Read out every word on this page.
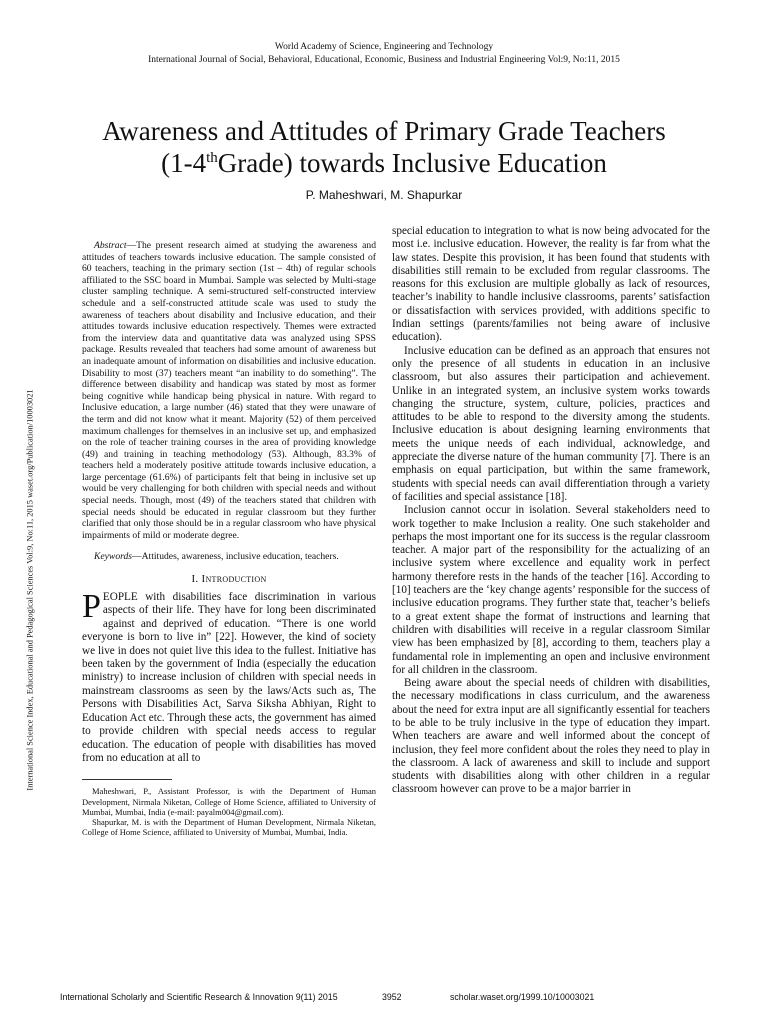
World Academy of Science, Engineering and Technology
International Journal of Social, Behavioral, Educational, Economic, Business and Industrial Engineering Vol:9, No:11, 2015
Awareness and Attitudes of Primary Grade Teachers
(1-4thGrade) towards Inclusive Education
P. Maheshwari, M. Shapurkar
International Science Index, Educational and Pedagogical Sciences Vol:9, No:11, 2015 waset.org/Publication/10003021

Abstract—The present research aimed at studying the awareness and attitudes of teachers towards inclusive education. The sample consisted of 60 teachers, teaching in the primary section (1st – 4th) of regular schools affiliated to the SSC board in Mumbai. Sample was selected by Multi-stage cluster sampling technique. A semi-structured self-constructed interview schedule and a self-constructed attitude scale was used to study the awareness of teachers about disability and Inclusive education, and their attitudes towards inclusive education respectively. Themes were extracted from the interview data and quantitative data was analyzed using SPSS package. Results revealed that teachers had some amount of awareness but an inadequate amount of information on disabilities and inclusive education. Disability to most (37) teachers meant “an inability to do something”. The difference between disability and handicap was stated by most as former being cognitive while handicap being physical in nature. With regard to Inclusive education, a large number (46) stated that they were unaware of the term and did not know what it meant. Majority (52) of them perceived maximum challenges for themselves in an inclusive set up, and emphasized on the role of teacher training courses in the area of providing knowledge (49) and training in teaching methodology (53). Although, 83.3% of teachers held a moderately positive attitude towards inclusive education, a large percentage (61.6%) of participants felt that being in inclusive set up would be very challenging for both children with special needs and without special needs. Though, most (49) of the teachers stated that children with special needs should be educated in regular classroom but they further clarified that only those should be in a regular classroom who have physical impairments of mild or moderate degree.

Keywords—Attitudes, awareness, inclusive education, teachers.

I. Introduction

PEOPLE with disabilities face discrimination in various aspects of their life. They have for long been discriminated against and deprived of education. “There is one world everyone is born to live in” [22]. However, the kind of society we live in does not quiet live this idea to the fullest. Initiative has been taken by the government of India (especially the education ministry) to increase inclusion of children with special needs in mainstream classrooms as seen by the laws/Acts such as, The Persons with Disabilities Act, Sarva Siksha Abhiyan, Right to Education Act etc. Through these acts, the government has aimed to provide children with special needs access to regular education. The education of people with disabilities has moved from no education at all to

Maheshwari, P., Assistant Professor, is with the Department of Human Development, Nirmala Niketan, College of Home Science, affiliated to University of Mumbai, Mumbai, India (e-mail: payalm004@gmail.com).

Shapurkar, M. is with the Department of Human Development, Nirmala Niketan, College of Home Science, affiliated to University of Mumbai, Mumbai, India.

special education to integration to what is now being advocated for the most i.e. inclusive education. However, the reality is far from what the law states. Despite this provision, it has been found that students with disabilities still remain to be excluded from regular classrooms. The reasons for this exclusion are multiple globally as lack of resources, teacher’s inability to handle inclusive classrooms, parents’ satisfaction or dissatisfaction with services provided, with additions specific to Indian settings (parents/families not being aware of inclusive education).

Inclusive education can be defined as an approach that ensures not only the presence of all students in education in an inclusive classroom, but also assures their participation and achievement. Unlike in an integrated system, an inclusive system works towards changing the structure, system, culture, policies, practices and attitudes to be able to respond to the diversity among the students. Inclusive education is about designing learning environments that meets the unique needs of each individual, acknowledge, and appreciate the diverse nature of the human community [7]. There is an emphasis on equal participation, but within the same framework, students with special needs can avail differentiation through a variety of facilities and special assistance [18].

Inclusion cannot occur in isolation. Several stakeholders need to work together to make Inclusion a reality. One such stakeholder and perhaps the most important one for its success is the regular classroom teacher. A major part of the responsibility for the actualizing of an inclusive system where excellence and equality work in perfect harmony therefore rests in the hands of the teacher [16]. According to [10] teachers are the ‘key change agents’ responsible for the success of inclusive education programs. They further state that, teacher’s beliefs to a great extent shape the format of instructions and learning that children with disabilities will receive in a regular classroom Similar view has been emphasized by [8], according to them, teachers play a fundamental role in implementing an open and inclusive environment for all children in the classroom.

Being aware about the special needs of children with disabilities, the necessary modifications in class curriculum, and the awareness about the need for extra input are all significantly essential for teachers to be able to be truly inclusive in the type of education they impart. When teachers are aware and well informed about the concept of inclusion, they feel more confident about the roles they need to play in the classroom. A lack of awareness and skill to include and support students with disabilities along with other children in a regular classroom however can prove to be a major barrier in

International Scholarly and Scientific Research & Innovation 9(11) 2015	3952	scholar.waset.org/1999.10/10003021
